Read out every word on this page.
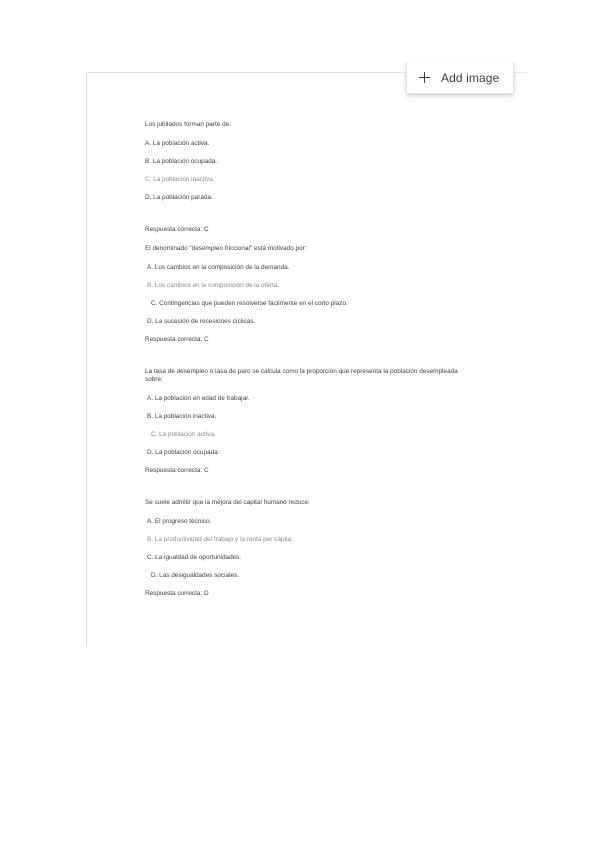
Add image
Los jubilados forman parte de:
A. La población activa.
B. La población ocupada.
C. La población inactiva.
D. La población parada.
Respuesta correcta: C
El denominado "desempleo friccional" está motivado por:
A. Los cambios en la composición de la demanda.
B. Los cambios en la composición de la oferta.
C. Contingencias que pueden resolverse fácilmente en el corto plazo.
D. La sucesión de recesiones cíclicas.
Respuesta correcta: C
La tasa de desempleo o tasa de paro se calcula como la proporción que representa la población desempleada sobre:
A. La población en edad de trabajar.
B. La población inactiva.
C. La población activa.
D. La población ocupada.
Respuesta correcta: C
Se suele admitir que la mejora del capital humano reduce:
A. El progreso técnico.
B. La productividad del trabajo y la renta per cápita.
C. La igualdad de oportunidades.
D. Las desigualdades sociales.
Respuesta correcta: D
